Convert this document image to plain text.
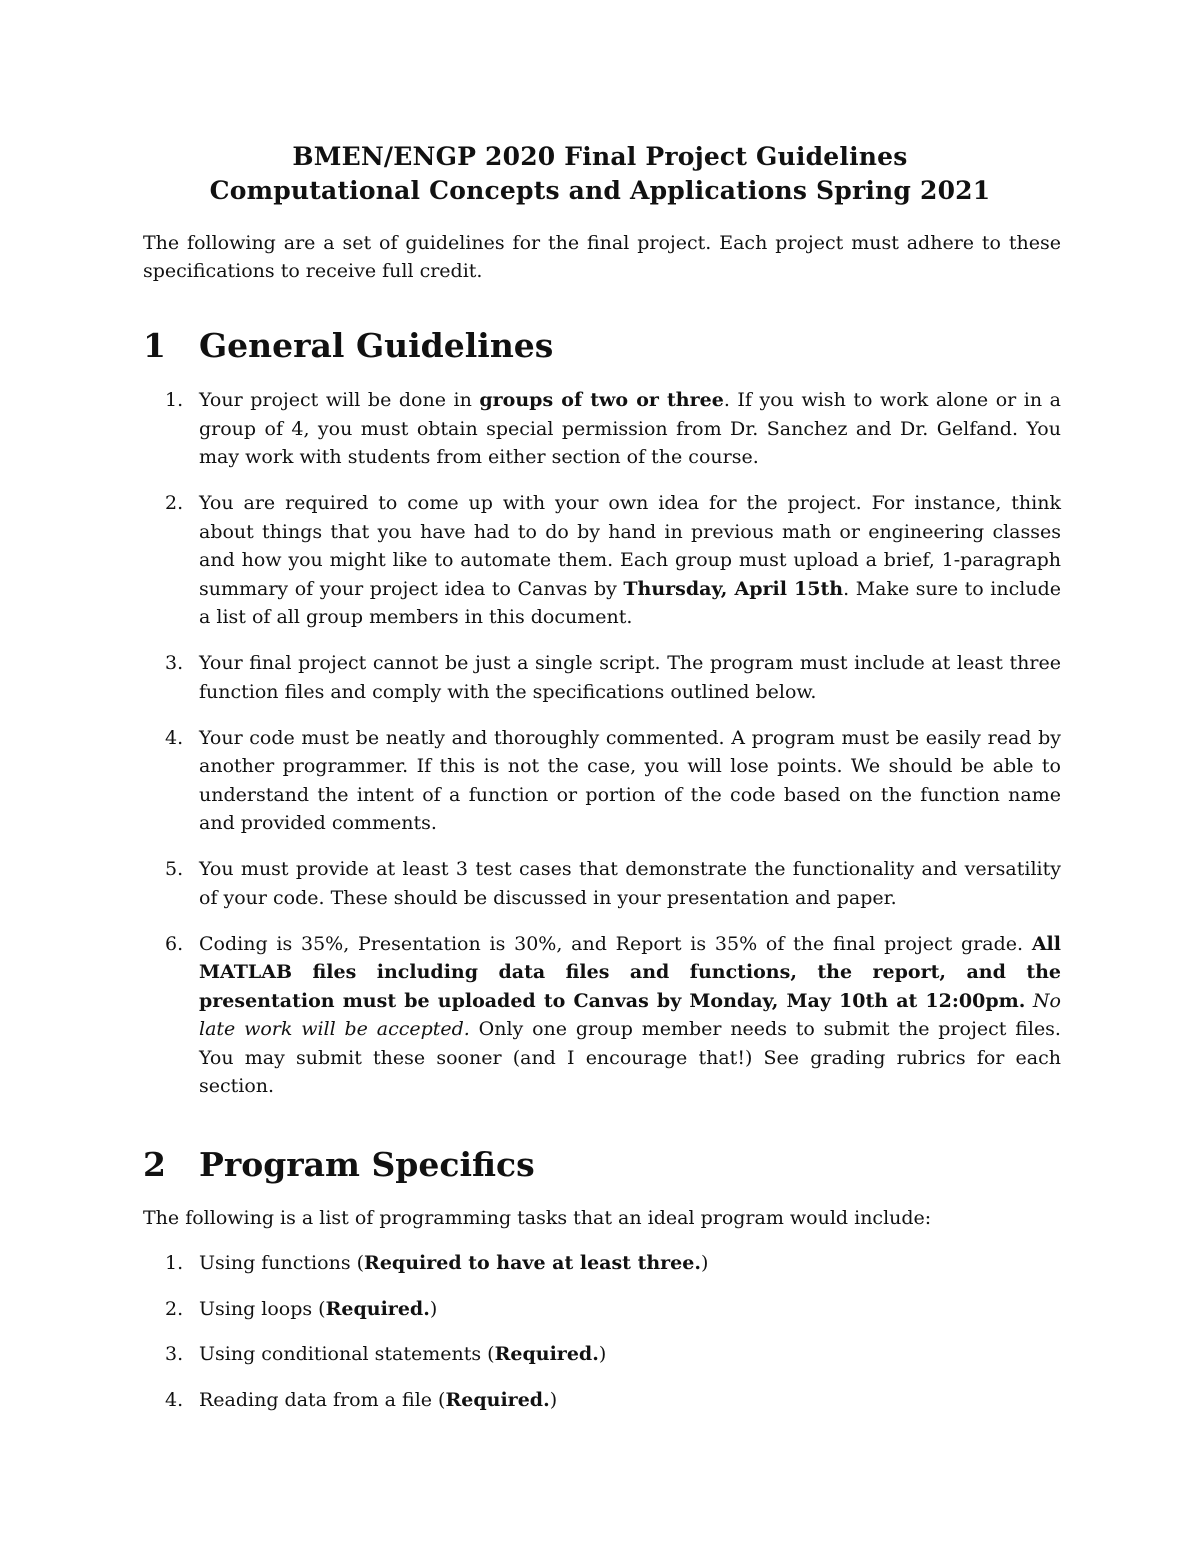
BMEN/ENGP 2020 Final Project Guidelines
Computational Concepts and Applications Spring 2021

The following are a set of guidelines for the final project. Each project must adhere to these specifications to receive full credit.

1 General Guidelines
1. Your project will be done in groups of two or three. If you wish to work alone or in a group of 4, you must obtain special permission from Dr. Sanchez and Dr. Gelfand. You may work with students from either section of the course.
2. You are required to come up with your own idea for the project. For instance, think about things that you have had to do by hand in previous math or engineering classes and how you might like to automate them. Each group must upload a brief, 1-paragraph summary of your project idea to Canvas by Thursday, April 15th. Make sure to include a list of all group members in this document.
3. Your final project cannot be just a single script. The program must include at least three function files and comply with the specifications outlined below.
4. Your code must be neatly and thoroughly commented. A program must be easily read by another programmer. If this is not the case, you will lose points. We should be able to understand the intent of a function or portion of the code based on the function name and provided comments.
5. You must provide at least 3 test cases that demonstrate the functionality and versatility of your code. These should be discussed in your presentation and paper.
6. Coding is 35%, Presentation is 30%, and Report is 35% of the final project grade. All MATLAB files including data files and functions, the report, and the presentation must be uploaded to Canvas by Monday, May 10th at 12:00pm. No late work will be accepted. Only one group member needs to submit the project files. You may submit these sooner (and I encourage that!) See grading rubrics for each section.
2 Program Specifics

The following is a list of programming tasks that an ideal program would include:

1. Using functions (Required to have at least three.)
2. Using loops (Required.)
3. Using conditional statements (Required.)
4. Reading data from a file (Required.)
